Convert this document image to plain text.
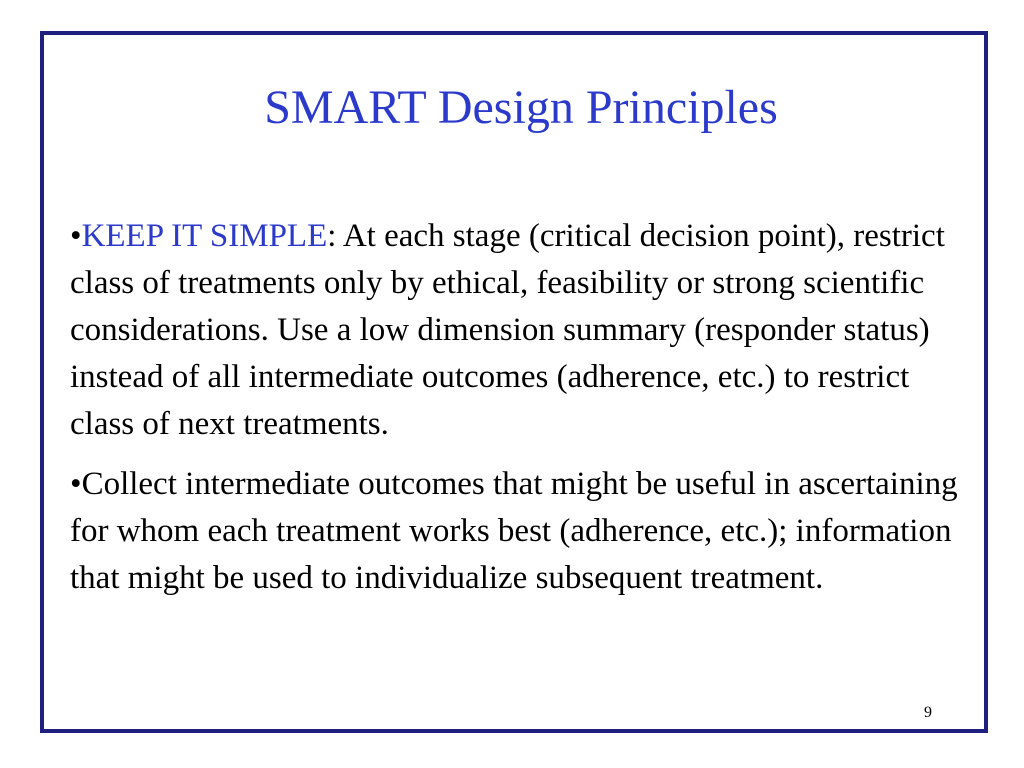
SMART Design Principles

•KEEP IT SIMPLE: At each stage (critical decision point), restrict class of treatments only by ethical, feasibility or strong scientific considerations. Use a low dimension summary (responder status) instead of all intermediate outcomes (adherence, etc.) to restrict class of next treatments.

•Collect intermediate outcomes that might be useful in ascertaining for whom each treatment works best (adherence, etc.); information that might be used to individualize subsequent treatment.

9
